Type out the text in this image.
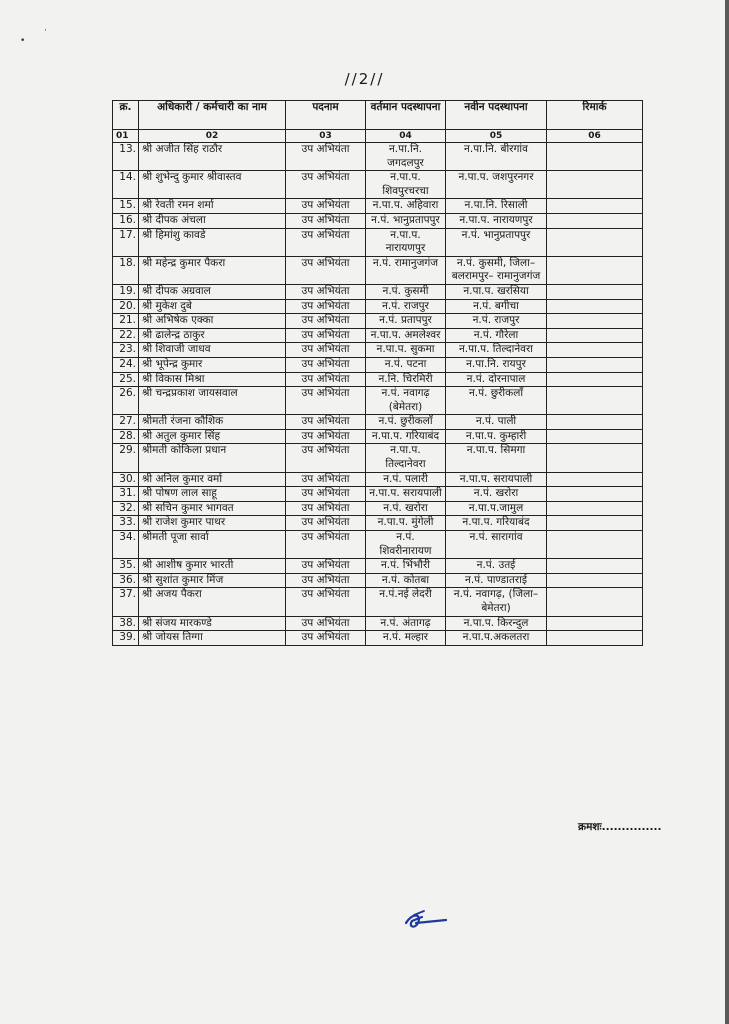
•
·
//2//
क्र.	अधिकारी / कर्मचारी का नाम	पदनाम	वर्तमान पदस्थापना	नवीन पदस्थापना	रिमार्क
01	02	03	04	05	06
13.	श्री अजीत सिंह राठौर	उप अभियंता	न.पा.नि. जगदलपुर	न.पा.नि. बीरगांव	
14.	श्री शुभेन्दु कुमार श्रीवास्तव	उप अभियंता	न.पा.प. शिवपुरचरचा	न.पा.प. जशपुरनगर	
15.	श्री रेवती रमन शर्मा	उप अभियंता	न.पा.प. अहिवारा	न.पा.नि. रिसाली	
16.	श्री दीपक अंचला	उप अभियंता	न.पं. भानुप्रतापपुर	न.पा.प. नारायणपुर	
17.	श्री हिमांशु कावडे	उप अभियंता	न.पा.प. नारायणपुर	न.पं. भानुप्रतापपुर	
18.	श्री महेन्द्र कुमार पैकरा	उप अभियंता	न.पं. रामानुजगंज	न.पं. कुसमी, जिला–बलरामपुर– रामानुजगंज	
19.	श्री दीपक अग्रवाल	उप अभियंता	न.पं. कुसमी	न.पा.प. खरसिया	
20.	श्री मुकेश दुबे	उप अभियंता	न.पं. राजपुर	न.पं. बगीचा	
21.	श्री अभिषेक एक्का	उप अभियंता	न.पं. प्रतापपुर	न.पं. राजपुर	
22.	श्री ढालेन्द्र ठाकुर	उप अभियंता	न.पा.प. अमलेश्वर	न.पं. गौरेला	
23.	श्री शिवाजी जाधव	उप अभियंता	न.पा.प. सुकमा	न.पा.प. तिल्दानेवरा	
24.	श्री भूपेन्द्र कुमार	उप अभियंता	न.पं. पटना	न.पा.नि. रायपुर	
25.	श्री विकास मिश्रा	उप अभियंता	न.नि. चिरमिरी	न.पं. दोरनापाल	
26.	श्री चन्द्रप्रकाश जायसवाल	उप अभियंता	न.पं. नवागढ़ (बेमेतरा)	न.पं. छुरीकलाँ	
27.	श्रीमती रंजना कौशिक	उप अभियंता	न.पं. छुरीकलाँ	न.पं. पाली	
28.	श्री अतुल कुमार सिंह	उप अभियंता	न.पा.प. गरियाबंद	न.पा.प. कुम्हारी	
29.	श्रीमती कोकिला प्रधान	उप अभियंता	न.पा.प. तिल्दानेवरा	न.पा.प. सिमगा	
30.	श्री अनिल कुमार वर्मा	उप अभियंता	न.पं. पलारी	न.पा.प. सरायपाली	
31.	श्री पोषण लाल साहू	उप अभियंता	न.पा.प. सरायपाली	न.पं. खरोरा	
32.	श्री सचिन कुमार भागवत	उप अभियंता	न.पं. खरोरा	न.पा.प.जामुल	
33.	श्री राजेश कुमार पाथर	उप अभियंता	न.पा.प. मुंगेली	न.पा.प. गरियाबंद	
34.	श्रीमती पूजा सार्वा	उप अभियंता	न.पं. शिवरीनारायण	न.पं. सारागांव	
35.	श्री आशीष कुमार भारती	उप अभियंता	न.पं. भिंभौरी	न.पं. उतई	
36.	श्री सुशांत कुमार मिंज	उप अभियंता	न.पं. कोतबा	न.पं. पाण्डातराई	
37.	श्री अजय पैकरा	उप अभियंता	न.पं.नई लेदरी	न.पं. नवागढ़, (जिला–बेमेतरा)	
38.	श्री संजय मारकण्डे	उप अभियंता	न.पं. अंतागढ़	न.पा.प. किरन्दुल	
39.	श्री जोयस तिग्गा	उप अभियंता	न.पं. मल्हार	न.पा.प.अकलतरा	
क्रमशः...............
